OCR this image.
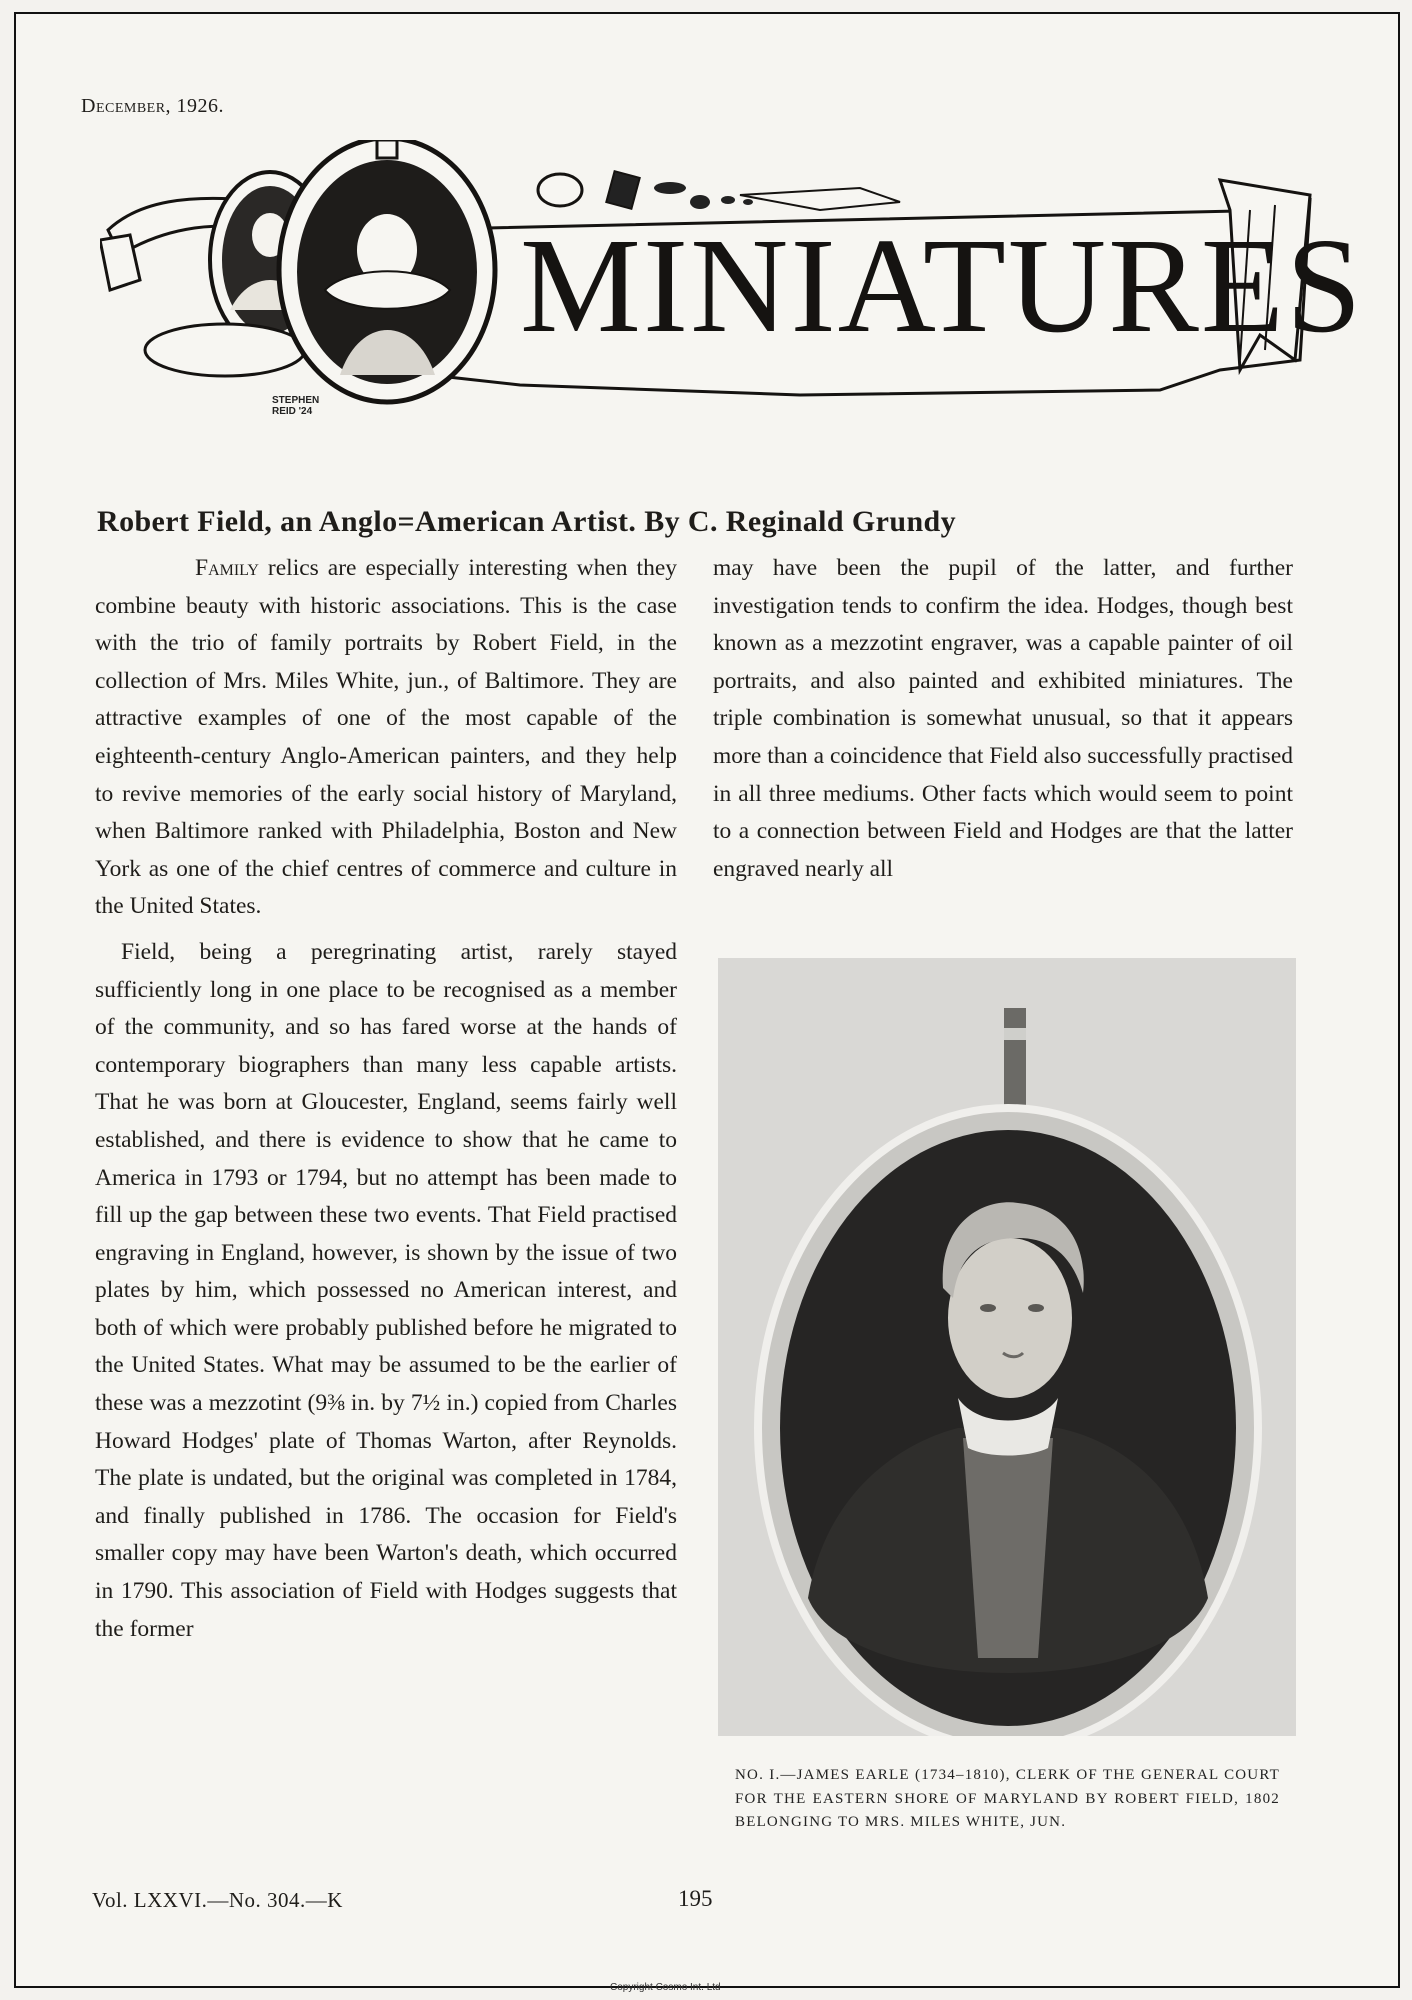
December, 1926.
MINIATURES
STEPHEN
REID '24
Robert Field, an Anglo=American Artist. By C. Reginald Grundy

Family relics are especially interesting when they combine beauty with historic associations. This is the case with the trio of family portraits by Robert Field, in the collection of Mrs. Miles White, jun., of Baltimore. They are attractive examples of one of the most capable of the eighteenth-century Anglo-American painters, and they help to revive memories of the early social history of Maryland, when Baltimore ranked with Philadelphia, Boston and New York as one of the chief centres of commerce and culture in the United States.

Field, being a peregrinating artist, rarely stayed sufficiently long in one place to be recognised as a member of the community, and so has fared worse at the hands of contemporary biographers than many less capable artists. That he was born at Gloucester, England, seems fairly well established, and there is evidence to show that he came to America in 1793 or 1794, but no attempt has been made to fill up the gap between these two events. That Field practised engraving in England, however, is shown by the issue of two plates by him, which possessed no American interest, and both of which were probably published before he migrated to the United States. What may be assumed to be the earlier of these was a mezzotint (9⅜ in. by 7½ in.) copied from Charles Howard Hodges' plate of Thomas Warton, after Reynolds. The plate is undated, but the original was completed in 1784, and finally published in 1786. The occasion for Field's smaller copy may have been Warton's death, which occurred in 1790. This association of Field with Hodges suggests that the former

may have been the pupil of the latter, and further investigation tends to confirm the idea. Hodges, though best known as a mezzotint engraver, was a capable painter of oil portraits, and also painted and exhibited miniatures. The triple combination is somewhat unusual, so that it appears more than a coincidence that Field also successfully practised in all three mediums. Other facts which would seem to point to a connection between Field and Hodges are that the latter engraved nearly all

NO. I.—JAMES EARLE (1734–1810), CLERK OF THE GENERAL COURT FOR THE EASTERN SHORE OF MARYLAND BY ROBERT FIELD, 1802 BELONGING TO MRS. MILES WHITE, JUN.
Vol. LXXVI.—No. 304.—K	195
Copyright Cosmo Int. Ltd
